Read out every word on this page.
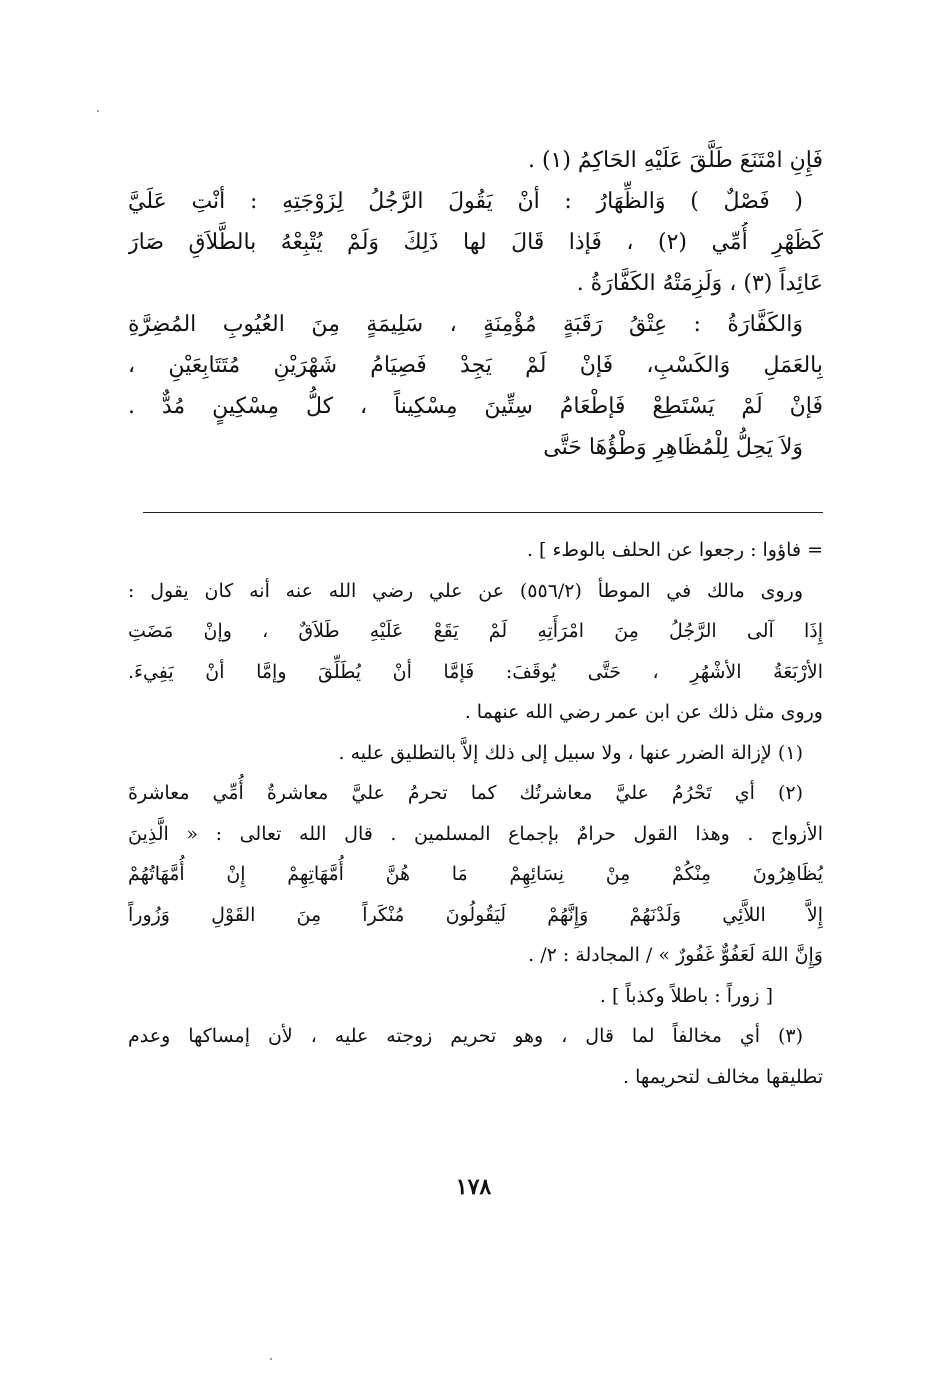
فَإِنِ امْتَنَعَ طَلَّقَ عَلَيْهِ الحَاكِمُ (١) .
( فَصْلٌ ) وَالظِّهَارُ : أنْ يَقُولَ الرَّجُلُ لِزَوْجَتِهِ : أنْتِ عَلَيَّ
كَظَهْرِ أُمِّي (٢) ، فَإذا قَالَ لها ذَلِكَ وَلَمْ يُتْبِعْهُ بالطَّلاَقِ صَارَ
عَائِداً (٣) ، وَلَزِمَتْهُ الكَفَّارَةُ .
وَالكَفَّارَةُ : عِتْقُ رَقَبَةٍ مُؤْمِنَةٍ ، سَلِيمَةٍ مِنَ العُيُوبِ المُضِرَّةِ
بِالعَمَلِ وَالكَسْبِ، فَإنْ لَمْ يَجِدْ فَصِيَامُ شَهْرَيْنِ مُتَتَابِعَيْنِ ،
فَإنْ لَمْ يَسْتَطِعْ فَإطْعَامُ سِتِّينَ مِسْكِيناً ، كلُّ مِسْكِينٍ مُدٌّ .
وَلاَ يَحِلُّ لِلْمُظَاهِرِ وَطْؤُهَا حَتَّى
= فاؤوا : رجعوا عن الحلف بالوطء ] .
وروى مالك في الموطأ (٥٥٦/٢) عن علي رضي الله عنه أنه كان يقول :
إِذَا آلى الرَّجُلُ مِنَ امْرَأَتِهِ لَمْ يَقَعْ عَلَيْهِ طَلاَقٌ ، وإنْ مَضَتِ
الأرْبَعَةُ الأشْهُرِ ، حَتَّى يُوقَفَ: فَإمَّا أنْ يُطَلِّقَ وإمَّا أنْ يَفِيءَ.
وروى مثل ذلك عن ابن عمر رضي الله عنهما .
(١) لإزالة الضرر عنها ، ولا سبيل إلى ذلك إلاَّ بالتطليق عليه .
(٢) أي تَحْرُمُ عليَّ معاشرتُك كما تحرمُ عليَّ معاشرةُ أُمِّي معاشرةَ
الأزواج . وهذا القول حرامٌ بإجماع المسلمين . قال الله تعالى : « الَّذِينَ
يُظَاهِرُونَ مِنْكُمْ مِنْ نِسَائِهِمْ مَا هُنَّ أُمَّهَاتِهِمْ إِنْ أُمَّهَاتُهُمْ
إِلاَّ اللاَّئِي وَلَدْنَهُمْ وَإِنَّهُمْ لَيَقُولُونَ مُنْكَراً مِنَ القَوْلِ وَزُوراً
وَإِنَّ اللهَ لَعَفُوٌّ غَفُورٌ » / المجادلة : ٢/ .
[ زوراً : باطلاً وكذباً ] .
(٣) أي مخالفاً لما قال ، وهو تحريم زوجته عليه ، لأن إمساكها وعدم
تطليقها مخالف لتحريمها .
١٧٨
